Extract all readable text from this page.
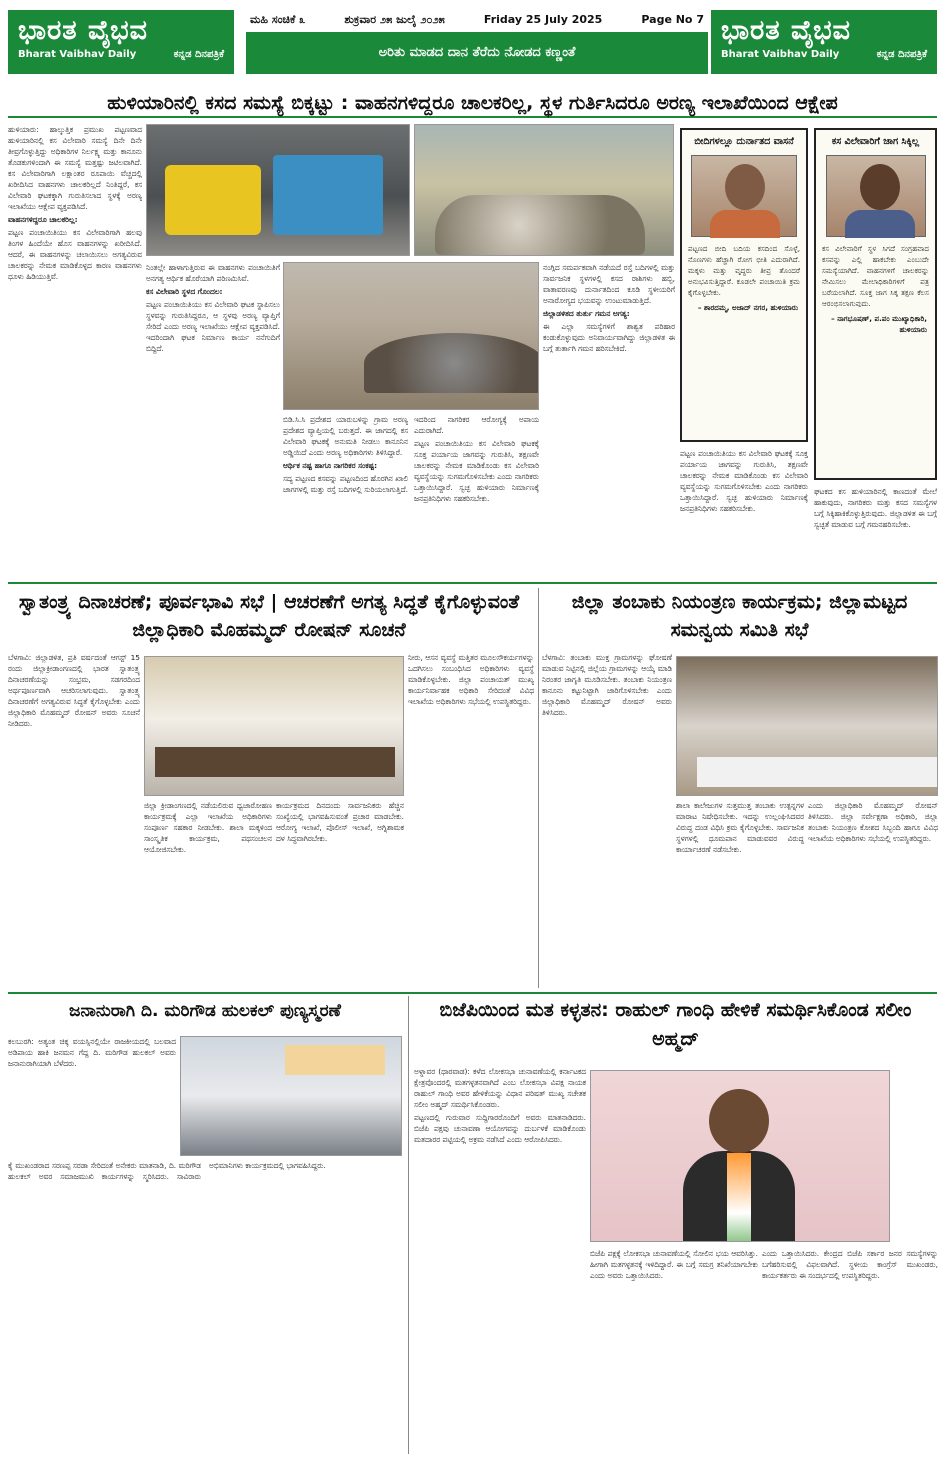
ಭಾರತ ವೈಭವ
Bharat Vaibhav Daily	ಕನ್ನಡ ದಿನಪತ್ರಿಕೆ
ಮಹಿ ಸಂಚಿಕೆ ೩	ಶುಕ್ರವಾರ ೨೫ ಜುಲೈ ೨೦೨೫	Friday 25 July 2025	Page No 7
ಅರಿತು ಮಾಡದ ದಾನ ತೆರೆದು ನೋಡದ ಕಣ್ಣಂತೆ
ಭಾರತ ವೈಭವ
Bharat Vaibhav Daily	ಕನ್ನಡ ದಿನಪತ್ರಿಕೆ
ಹುಳಿಯಾರಿನಲ್ಲಿ ಕಸದ ಸಮಸ್ಯೆ ಬಿಕ್ಕಟ್ಟು : ವಾಹನಗಳಿದ್ದರೂ ಚಾಲಕರಿಲ್ಲ, ಸ್ಥಳ ಗುರ್ತಿಸಿದರೂ ಅರಣ್ಯ ಇಲಾಖೆಯಿಂದ ಆಕ್ಷೇಪ

ಹುಳಿಯಾರು: ಹಾಲ್ಕುತ್ತಿಕ ಪ್ರಮುಖ ಪಟ್ಟಣವಾದ ಹುಳಿಯಾರಿನಲ್ಲಿ ಕಸ ವಿಲೇವಾರಿ ಸಮಸ್ಯೆ ದಿನೇ ದಿನೇ ತೀವ್ರಗೊಳ್ಳುತ್ತಿದ್ದು ಅಧಿಕಾರಿಗಳ ನಿರ್ಲಕ್ಷ್ಯ ಮತ್ತು ಕಾನೂನು ತೊಡಕುಗಳಿಂದಾಗಿ ಈ ಸಮಸ್ಯೆ ಮತ್ತಷ್ಟು ಜಟಿಲವಾಗಿದೆ. ಕಸ ವಿಲೇವಾರಿಗಾಗಿ ಲಕ್ಷಾಂತರ ರೂಪಾಯಿ ವೆಚ್ಚದಲ್ಲಿ ಖರೀದಿಸಿದ ವಾಹನಗಳು ಚಾಲಕರಿಲ್ಲದೆ ನಿಂತಿದ್ದರೆ, ಕಸ ವಿಲೇವಾರಿ ಘಟಕಕ್ಕಾಗಿ ಗುರುತಿಸಲಾದ ಸ್ಥಳಕ್ಕೆ ಅರಣ್ಯ ಇಲಾಖೆಯು ಆಕ್ಷೇಪ ವ್ಯಕ್ತಪಡಿಸಿದೆ.

ವಾಹನಗಳಿದ್ದರೂ ಚಾಲಕರಿಲ್ಲ:

ಪಟ್ಟಣ ಪಂಚಾಯಿತಿಯು ಕಸ ವಿಲೇವಾರಿಗಾಗಿ ಹಲವು ತಿಂಗಳ ಹಿಂದೆಯೇ ಹೊಸ ವಾಹನಗಳನ್ನು ಖರೀದಿಸಿದೆ. ಆದರೆ, ಈ ವಾಹನಗಳನ್ನು ಚಲಾಯಿಸಲು ಅಗತ್ಯವಿರುವ ಚಾಲಕರನ್ನು ನೇಮಕ ಮಾಡಿಕೊಳ್ಳದ ಕಾರಣ ವಾಹನಗಳು ಧೂಳು ಹಿಡಿಯುತ್ತಿವೆ.

ನಿಂತಲ್ಲೇ ಹಾಳಾಗುತ್ತಿರುವ ಈ ವಾಹನಗಳು ಪಂಚಾಯಿತಿಗೆ ಅನಗತ್ಯ ಆರ್ಥಿಕ ಹೊರೆಯಾಗಿ ಪರಿಣಮಿಸಿವೆ.

ಕಸ ವಿಲೇವಾರಿ ಸ್ಥಳದ ಗೊಂದಲ:

ಪಟ್ಟಣ ಪಂಚಾಯಿತಿಯು ಕಸ ವಿಲೇವಾರಿ ಘಟಕ ಸ್ಥಾಪಿಸಲು ಸ್ಥಳವನ್ನು ಗುರುತಿಸಿದ್ದರೂ, ಆ ಸ್ಥಳವು ಅರಣ್ಯ ವ್ಯಾಪ್ತಿಗೆ ಸೇರಿದೆ ಎಂದು ಅರಣ್ಯ ಇಲಾಖೆಯು ಆಕ್ಷೇಪ ವ್ಯಕ್ತಪಡಿಸಿದೆ. ಇದರಿಂದಾಗಿ ಘಟಕ ನಿರ್ಮಾಣ ಕಾರ್ಯ ನನೆಗುದಿಗೆ ಬಿದ್ದಿದೆ.

ಬಿಡಿ.ಸಿ.ಸಿ ಪ್ರದೇಶದ ಯಾರುಬಳಿನ್ನು ಗ್ರಾಮ ಅರಣ್ಯ ಪ್ರದೇಶದ ವ್ಯಾಪ್ತಿಯಲ್ಲಿ ಬರುತ್ತದೆ. ಈ ಜಾಗದಲ್ಲಿ ಕಸ ವಿಲೇವಾರಿ ಘಟಕಕ್ಕೆ ಅನುಮತಿ ನೀಡಲು ಕಾನೂನಿನ ಅಡ್ಡಿಯಿದೆ ಎಂದು ಅರಣ್ಯ ಅಧಿಕಾರಿಗಳು ತಿಳಿಸಿದ್ದಾರೆ.

ಆರ್ಥಿಕ ನಷ್ಟ ಹಾಗೂ ನಾಗರಿಕರ ಸಂಕಷ್ಟ:

ಸದ್ಯ ಪಟ್ಟಣದ ಕಸವನ್ನು ಪಟ್ಟಣದಿಂದ ಹೊರಗಿನ ಖಾಲಿ ಜಾಗಗಳಲ್ಲಿ ಮತ್ತು ರಸ್ತೆ ಬದಿಗಳಲ್ಲಿ ಸುರಿಯಲಾಗುತ್ತಿದೆ. ಇದರಿಂದ ನಾಗರಿಕರ ಆರೋಗ್ಯಕ್ಕೆ ಅಪಾಯ ಎದುರಾಗಿದೆ.

ಪಟ್ಟಣ ಪಂಚಾಯಿತಿಯು ಕಸ ವಿಲೇವಾರಿ ಘಟಕಕ್ಕೆ ಸೂಕ್ತ ಪರ್ಯಾಯ ಜಾಗವನ್ನು ಗುರುತಿಸಿ, ತಕ್ಷಣವೇ ಚಾಲಕರನ್ನು ನೇಮಕ ಮಾಡಿಕೊಂಡು ಕಸ ವಿಲೇವಾರಿ ವ್ಯವಸ್ಥೆಯನ್ನು ಸುಗಮಗೊಳಿಸಬೇಕು ಎಂದು ನಾಗರಿಕರು ಒತ್ತಾಯಿಸಿದ್ದಾರೆ. ಸ್ವಚ್ಛ ಹುಳಿಯಾರು ನಿರ್ಮಾಣಕ್ಕೆ ಜನಪ್ರತಿನಿಧಿಗಳು ಸಹಕರಿಸಬೇಕು.

ನಂಗ್ಗಿದ ಸಮರ್ಪಕವಾಗಿ ನಡೆಯದೆ ರಸ್ತೆ ಬದಿಗಳಲ್ಲಿ ಮತ್ತು ಸಾರ್ವಜನಿಕ ಸ್ಥಳಗಳಲ್ಲಿ ಕಸದ ರಾಶಿಗಳು ಹಬ್ಬಿ, ವಾತಾವರಣವು ದುರ್ನಾತದಿಂದ ಕೂಡಿ ಸ್ಥಳೀಯರಿಗೆ ಅನಾರೋಗ್ಯದ ಭಯವನ್ನು ಉಂಟುಮಾಡುತ್ತಿದೆ.

ಜಿಲ್ಲಾಡಳಿತದ ತುರ್ತು ಗಮನ ಅಗತ್ಯ:

ಈ ಎಲ್ಲಾ ಸಮಸ್ಯೆಗಳಿಗೆ ಶಾಶ್ವತ ಪರಿಹಾರ ಕಂಡುಕೊಳ್ಳುವುದು ಅನಿವಾರ್ಯವಾಗಿದ್ದು ಜಿಲ್ಲಾಡಳಿತ ಈ ಬಗ್ಗೆ ತುರ್ತಾಗಿ ಗಮನ ಹರಿಸಬೇಕಿದೆ.

ಬೀದಿಗಳಲ್ಲೂ ದುರ್ನಾತದ ವಾಸನೆ
ಪಟ್ಟಣದ ಬೀದಿ ಬದಿಯ ಕಸದಿಂದ ಸೊಳ್ಳೆ, ನೊಣಗಳು ಹೆಚ್ಚಾಗಿ ರೋಗ ಭೀತಿ ಎದುರಾಗಿದೆ. ಮಕ್ಕಳು ಮತ್ತು ವೃದ್ಧರು ತೀವ್ರ ತೊಂದರೆ ಅನುಭವಿಸುತ್ತಿದ್ದಾರೆ. ಕೂಡಲೇ ಪಂಚಾಯಿತಿ ಕ್ರಮ ಕೈಗೊಳ್ಳಬೇಕು.
– ಶಾರದಮ್ಮ, ಅಜಾದ್ ನಗರ, ಹುಳಿಯಾರು
ಕಸ ವಿಲೇವಾರಿಗೆ ಜಾಗ ಸಿಕ್ಕಿಲ್ಲ
ಕಸ ವಿಲೇವಾರಿಗೆ ಸ್ಥಳ ಸಿಗದೆ ಸಂಗ್ರಹವಾದ ಕಸವನ್ನು ಎಲ್ಲಿ ಹಾಕಬೇಕು ಎಂಬುದೇ ಸಮಸ್ಯೆಯಾಗಿದೆ. ವಾಹನಗಳಿಗೆ ಚಾಲಕರನ್ನು ನೇಮಿಸಲು ಮೇಲಾಧಿಕಾರಿಗಳಿಗೆ ಪತ್ರ ಬರೆಯಲಾಗಿದೆ. ಸೂಕ್ತ ಜಾಗ ಸಿಕ್ಕ ತಕ್ಷಣ ಕೆಲಸ ಆರಂಭಿಸಲಾಗುವುದು.
– ನಾಗಭೂಷಣ್, ಪ.ಪಂ ಮುಖ್ಯಾಧಿಕಾರಿ, ಹುಳಿಯಾರು

ಪಟ್ಟಣ ಪಂಚಾಯಿತಿಯು ಕಸ ವಿಲೇವಾರಿ ಘಟಕಕ್ಕೆ ಸೂಕ್ತ ಪರ್ಯಾಯ ಜಾಗವನ್ನು ಗುರುತಿಸಿ, ತಕ್ಷಣವೇ ಚಾಲಕರನ್ನು ನೇಮಕ ಮಾಡಿಕೊಂಡು ಕಸ ವಿಲೇವಾರಿ ವ್ಯವಸ್ಥೆಯನ್ನು ಸುಗಮಗೊಳಿಸಬೇಕು ಎಂದು ನಾಗರಿಕರು ಒತ್ತಾಯಿಸಿದ್ದಾರೆ. ಸ್ವಚ್ಛ ಹುಳಿಯಾರು ನಿರ್ಮಾಣಕ್ಕೆ ಜನಪ್ರತಿನಿಧಿಗಳು ಸಹಕರಿಸಬೇಕು.

ಘಟಕದ ಕಸ ಹುಳಿಯಾರಿನಲ್ಲಿ ಕಾಣದಂತೆ ಮೇಲೆ ಹಾಕುವುದು, ನಾಗರಿಕರು ಮತ್ತು ಕಸದ ಸಮಸ್ಯೆಗಳ ಬಗ್ಗೆ ಸಿಕ್ಕಿಹಾಕಿಕೊಳ್ಳುತ್ತಿರುವುದು. ಜಿಲ್ಲಾಡಳಿತ ಈ ಬಗ್ಗೆ ಸ್ವಚ್ಛತೆ ಮಾಡುವ ಬಗ್ಗೆ ಗಮನಹರಿಸಬೇಕು.

ಸ್ವಾತಂತ್ರ್ಯ ದಿನಾಚರಣೆ; ಪೂರ್ವಭಾವಿ ಸಭೆ | ಆಚರಣೆಗೆ ಅಗತ್ಯ ಸಿದ್ಧತೆ ಕೈಗೊಳ್ಳುವಂತೆ ಜಿಲ್ಲಾಧಿಕಾರಿ ಮೊಹಮ್ಮದ್ ರೋಷನ್ ಸೂಚನೆ

ಬೆಳಗಾವಿ: ಜಿಲ್ಲಾಡಳಿತ, ಪ್ರತಿ ವರ್ಷದಂತೆ ಆಗಸ್ಟ್ 15 ರಂದು ಜಿಲ್ಲಾಕ್ರೀಡಾಂಗಣದಲ್ಲಿ ಭಾರತ ಸ್ವಾತಂತ್ರ್ಯ ದಿನಾಚರಣೆಯನ್ನು ಸಂಭ್ರಮ, ಸಡಗರದಿಂದ ಅರ್ಥಪೂರ್ಣವಾಗಿ ಆಚರಿಸಲಾಗುವುದು. ಸ್ವಾತಂತ್ರ್ಯ ದಿನಾಚರಣೆಗೆ ಅಗತ್ಯವಿರುವ ಸಿದ್ಧತೆ ಕೈಗೊಳ್ಳಬೇಕು ಎಂದು ಜಿಲ್ಲಾಧಿಕಾರಿ ಮೊಹಮ್ಮದ್ ರೋಷನ್ ಅವರು ಸೂಚನೆ ನೀಡಿದರು.

ಜಿಲ್ಲಾ ಕ್ರೀಡಾಂಗಣದಲ್ಲಿ ನಡೆಯಲಿರುವ ಧ್ವಜಾರೋಹಣ ಕಾರ್ಯಕ್ರಮಕ್ಕೆ ಎಲ್ಲಾ ಇಲಾಖೆಯ ಅಧಿಕಾರಿಗಳು ಸಂಪೂರ್ಣ ಸಹಕಾರ ನೀಡಬೇಕು. ಶಾಲಾ ಮಕ್ಕಳಿಂದ ಸಾಂಸ್ಕೃತಿಕ ಕಾರ್ಯಕ್ರಮ, ಪಥಸಂಚಲನ ಆಯೋಜಿಸಬೇಕು.

ಕಾರ್ಯಕ್ರಮದ ದಿನದಂದು ಸಾರ್ವಜನಿಕರು ಹೆಚ್ಚಿನ ಸಂಖ್ಯೆಯಲ್ಲಿ ಭಾಗವಹಿಸುವಂತೆ ಪ್ರಚಾರ ಮಾಡಬೇಕು. ಆರೋಗ್ಯ ಇಲಾಖೆ, ಪೊಲೀಸ್ ಇಲಾಖೆ, ಅಗ್ನಿಶಾಮಕ ದಳ ಸಿದ್ಧವಾಗಿರಬೇಕು.

ನೀರು, ಆಸನ ವ್ಯವಸ್ಥೆ ಮತ್ತಿತರ ಮೂಲಸೌಕರ್ಯಗಳನ್ನು ಒದಗಿಸಲು ಸಂಬಂಧಿಸಿದ ಅಧಿಕಾರಿಗಳು ವ್ಯವಸ್ಥೆ ಮಾಡಿಕೊಳ್ಳಬೇಕು. ಜಿಲ್ಲಾ ಪಂಚಾಯತ್ ಮುಖ್ಯ ಕಾರ್ಯನಿರ್ವಾಹಕ ಅಧಿಕಾರಿ ಸೇರಿದಂತೆ ವಿವಿಧ ಇಲಾಖೆಯ ಅಧಿಕಾರಿಗಳು ಸಭೆಯಲ್ಲಿ ಉಪಸ್ಥಿತರಿದ್ದರು.

ಜಿಲ್ಲಾ ತಂಬಾಕು ನಿಯಂತ್ರಣ ಕಾರ್ಯಕ್ರಮ; ಜಿಲ್ಲಾಮಟ್ಟದ ಸಮನ್ವಯ ಸಮಿತಿ ಸಭೆ

ಬೆಳಗಾವಿ: ತಂಬಾಕು ಮುಕ್ತ ಗ್ರಾಮಗಳನ್ನು ಘೋಷಣೆ ಮಾಡುವ ನಿಟ್ಟಿನಲ್ಲಿ ಜಿಲ್ಲೆಯ ಗ್ರಾಮಗಳನ್ನು ಆಯ್ಕೆ ಮಾಡಿ ನಿರಂತರ ಜಾಗೃತಿ ಮೂಡಿಸಬೇಕು. ತಂಬಾಕು ನಿಯಂತ್ರಣ ಕಾನೂನು ಕಟ್ಟುನಿಟ್ಟಾಗಿ ಜಾರಿಗೊಳಿಸಬೇಕು ಎಂದು ಜಿಲ್ಲಾಧಿಕಾರಿ ಮೊಹಮ್ಮದ್ ರೋಷನ್ ಅವರು ತಿಳಿಸಿದರು.

ಶಾಲಾ ಕಾಲೇಜುಗಳ ಸುತ್ತಮುತ್ತ ತಂಬಾಕು ಉತ್ಪನ್ನಗಳ ಮಾರಾಟ ನಿಷೇಧಿಸಬೇಕು. ಇದನ್ನು ಉಲ್ಲಂಘಿಸಿದವರ ವಿರುದ್ಧ ದಂಡ ವಿಧಿಸಿ ಕ್ರಮ ಕೈಗೊಳ್ಳಬೇಕು. ಸಾರ್ವಜನಿಕ ಸ್ಥಳಗಳಲ್ಲಿ ಧೂಮಪಾನ ಮಾಡುವವರ ವಿರುದ್ಧ ಕಾರ್ಯಾಚರಣೆ ನಡೆಸಬೇಕು.

ಎಂದು ಜಿಲ್ಲಾಧಿಕಾರಿ ಮೊಹಮ್ಮದ್ ರೋಷನ್ ತಿಳಿಸಿದರು. ಜಿಲ್ಲಾ ಸರ್ವೇಕ್ಷಣಾ ಅಧಿಕಾರಿ, ಜಿಲ್ಲಾ ತಂಬಾಕು ನಿಯಂತ್ರಣ ಕೋಶದ ಸಿಬ್ಬಂದಿ ಹಾಗೂ ವಿವಿಧ ಇಲಾಖೆಯ ಅಧಿಕಾರಿಗಳು ಸಭೆಯಲ್ಲಿ ಉಪಸ್ಥಿತರಿದ್ದರು.

ಜನಾನುರಾಗಿ ದಿ. ಮರಿಗೌಡ ಹುಲಕಲ್ ಪುಣ್ಯಸ್ಮರಣೆ

ಕಲಬುರಗಿ: ಅತ್ಯಂತ ಚಿಕ್ಕ ವಯಸ್ಸಿನಲ್ಲಿಯೇ ರಾಜಕೀಯದಲ್ಲಿ ಬಲವಾದ ಅಡಿಪಾಯ ಹಾಕಿ ಜನಮನ ಗೆದ್ದ ದಿ. ಮರಿಗೌಡ ಹುಲಕಲ್ ಅವರು ಜನಾನುರಾಗಿಯಾಗಿ ಬೆಳೆದರು.

ಕೈ ಮುಖಂಡರಾದ ಸರಣಪ್ಪ ಸರಡಾ ಸೇರಿದಂತೆ ಅನೇಕರು ಮಾತನಾಡಿ, ದಿ. ಮರಿಗೌಡ ಹುಲಕಲ್ ಅವರ ಸಮಾಜಮುಖಿ ಕಾರ್ಯಗಳನ್ನು ಸ್ಮರಿಸಿದರು. ಸಾವಿರಾರು ಅಭಿಮಾನಿಗಳು ಕಾರ್ಯಕ್ರಮದಲ್ಲಿ ಭಾಗವಹಿಸಿದ್ದರು.

ಬಿಜೆಪಿಯಿಂದ ಮತ ಕಳ್ಳತನ: ರಾಹುಲ್ ಗಾಂಧಿ ಹೇಳಿಕೆ ಸಮರ್ಥಿಸಿಕೊಂಡ ಸಲೀಂ ಅಹ್ಮದ್

ಅಳ್ನಾವರ (ಧಾರವಾಡ): ಕಳೆದ ಲೋಕಸಭಾ ಚುನಾವಣೆಯಲ್ಲಿ ಕರ್ನಾಟಕದ ಕ್ಷೇತ್ರವೊಂದರಲ್ಲಿ ಮತಗಳ್ಳತನವಾಗಿದೆ ಎಂಬ ಲೋಕಸಭಾ ವಿಪಕ್ಷ ನಾಯಕ ರಾಹುಲ್ ಗಾಂಧಿ ಅವರ ಹೇಳಿಕೆಯನ್ನು ವಿಧಾನ ಪರಿಷತ್ ಮುಖ್ಯ ಸಚೇತಕ ಸಲೀಂ ಅಹ್ಮದ್ ಸಮರ್ಥಿಸಿಕೊಂಡರು.

ಪಟ್ಟಣದಲ್ಲಿ ಗುರುವಾರ ಸುದ್ದಿಗಾರರೊಂದಿಗೆ ಅವರು ಮಾತನಾಡಿದರು. ಬಿಜೆಪಿ ಪಕ್ಷವು ಚುನಾವಣಾ ಆಯೋಗವನ್ನು ದುರ್ಬಳಕೆ ಮಾಡಿಕೊಂಡು ಮತದಾರರ ಪಟ್ಟಿಯಲ್ಲಿ ಅಕ್ರಮ ನಡೆಸಿದೆ ಎಂದು ಆರೋಪಿಸಿದರು.

ಬಿಜೆಪಿ ಪಕ್ಷಕ್ಕೆ ಲೋಕಸಭಾ ಚುನಾವಣೆಯಲ್ಲಿ ಸೋಲಿನ ಭಯ ಆವರಿಸಿತ್ತು. ಹೀಗಾಗಿ ಮತಗಳ್ಳತನಕ್ಕೆ ಇಳಿದಿದ್ದಾರೆ. ಈ ಬಗ್ಗೆ ಸಮಗ್ರ ತನಿಖೆಯಾಗಬೇಕು ಎಂದು ಅವರು ಒತ್ತಾಯಿಸಿದರು.

ಎಂದು ಒತ್ತಾಯಿಸಿದರು. ಕೇಂದ್ರದ ಬಿಜೆಪಿ ಸರ್ಕಾರ ಜನರ ಸಮಸ್ಯೆಗಳನ್ನು ಬಗೆಹರಿಸುವಲ್ಲಿ ವಿಫಲವಾಗಿದೆ. ಸ್ಥಳೀಯ ಕಾಂಗ್ರೆಸ್ ಮುಖಂಡರು, ಕಾರ್ಯಕರ್ತರು ಈ ಸಂದರ್ಭದಲ್ಲಿ ಉಪಸ್ಥಿತರಿದ್ದರು.
